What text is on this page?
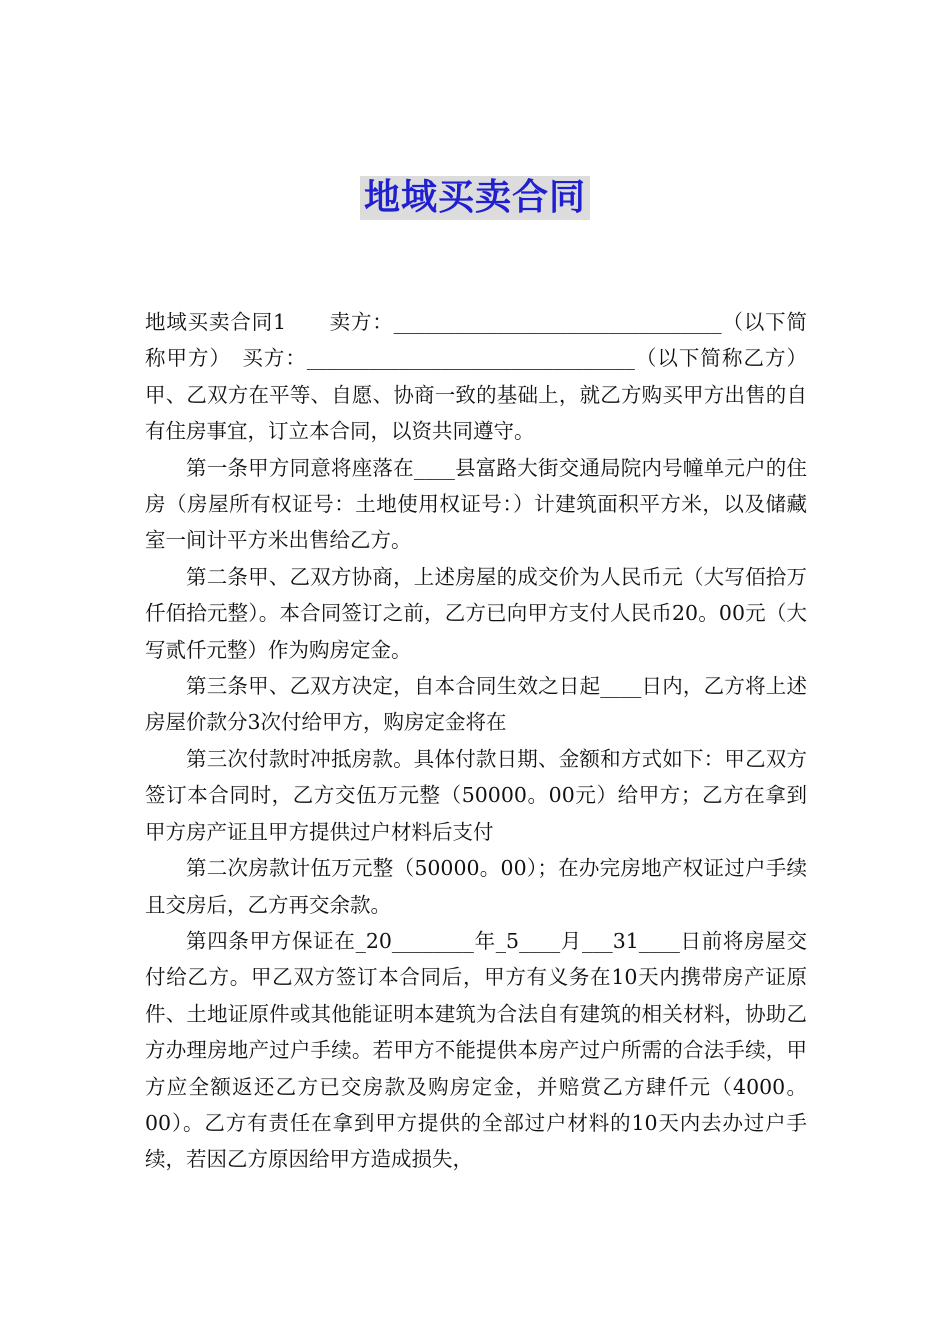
地域买卖合同

地域买卖合同1　　卖方：________________________________（以下简称甲方）　买方：________________________________（以下简称乙方） 甲、乙双方在平等、自愿、协商一致的基础上，就乙方购买甲方出售的自有住房事宜，订立本合同，以资共同遵守。

第一条甲方同意将座落在____县富路大街交通局院内号幢单元户的住房（房屋所有权证号：土地使用权证号：）计建筑面积平方米，以及储藏室一间计平方米出售给乙方。

第二条甲、乙双方协商，上述房屋的成交价为人民币元（大写佰拾万仟佰拾元整）。本合同签订之前，乙方已向甲方支付人民币20。00元（大写贰仟元整）作为购房定金。

第三条甲、乙双方决定，自本合同生效之日起____日内，乙方将上述房屋价款分3次付给甲方，购房定金将在

第三次付款时冲抵房款。具体付款日期、金额和方式如下：甲乙双方签订本合同时，乙方交伍万元整（50000。00元）给甲方；乙方在拿到甲方房产证且甲方提供过户材料后支付

第二次房款计伍万元整（50000。00）；在办完房地产权证过户手续且交房后，乙方再交余款。

第四条甲方保证在_20________年_5____月___31____日前将房屋交付给乙方。甲乙双方签订本合同后，甲方有义务在10天内携带房产证原件、土地证原件或其他能证明本建筑为合法自有建筑的相关材料，协助乙方办理房地产过户手续。若甲方不能提供本房产过户所需的合法手续，甲方应全额返还乙方已交房款及购房定金，并赔赏乙方肆仟元（4000。00）。乙方有责任在拿到甲方提供的全部过户材料的10天内去办过户手续，若因乙方原因给甲方造成损失，
